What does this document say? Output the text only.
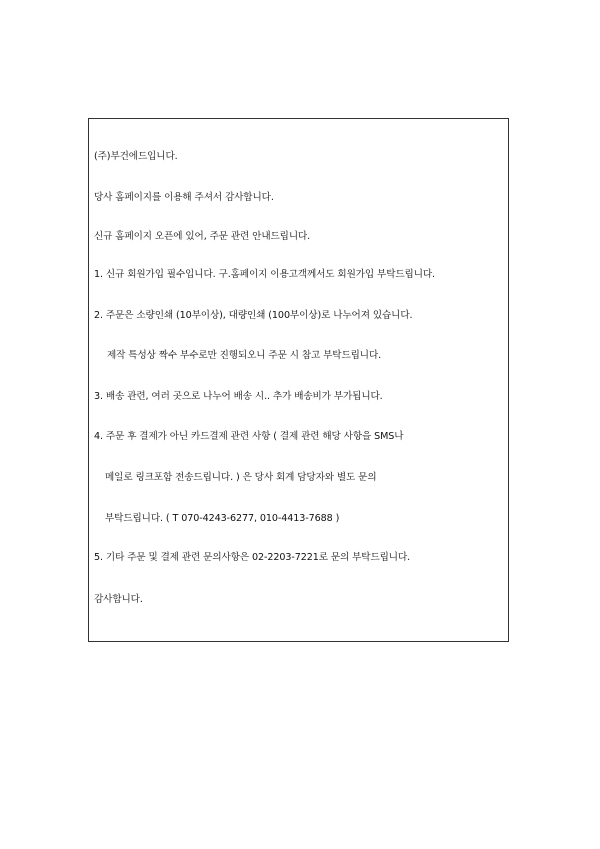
(주)부건에드입니다.
당사 홈페이지를 이용해 주셔서 감사합니다.
신규 홈페이지 오픈에 있어, 주문 관련 안내드립니다.
1. 신규 회원가입 필수입니다. 구.홈페이지 이용고객께서도 회원가입 부탁드립니다.
2. 주문은 소량인쇄 (10부이상), 대량인쇄 (100부이상)로 나누어져 있습니다.
제작 특성상 짝수 부수로만 진행되오니 주문 시 참고 부탁드립니다.
3. 배송 관련, 여러 곳으로 나누어 배송 시.. 추가 배송비가 부가됩니다.
4. 주문 후 결제가 아닌 카드결제 관련 사항 ( 결제 관련 해당 사항을 SMS나
메일로 링크포함 전송드립니다. ) 은 당사 회계 담당자와 별도 문의
부탁드립니다. ( T 070-4243-6277, 010-4413-7688 )
5. 기타 주문 및 결제 관련 문의사항은 02-2203-7221로 문의 부탁드립니다.
감사합니다.
